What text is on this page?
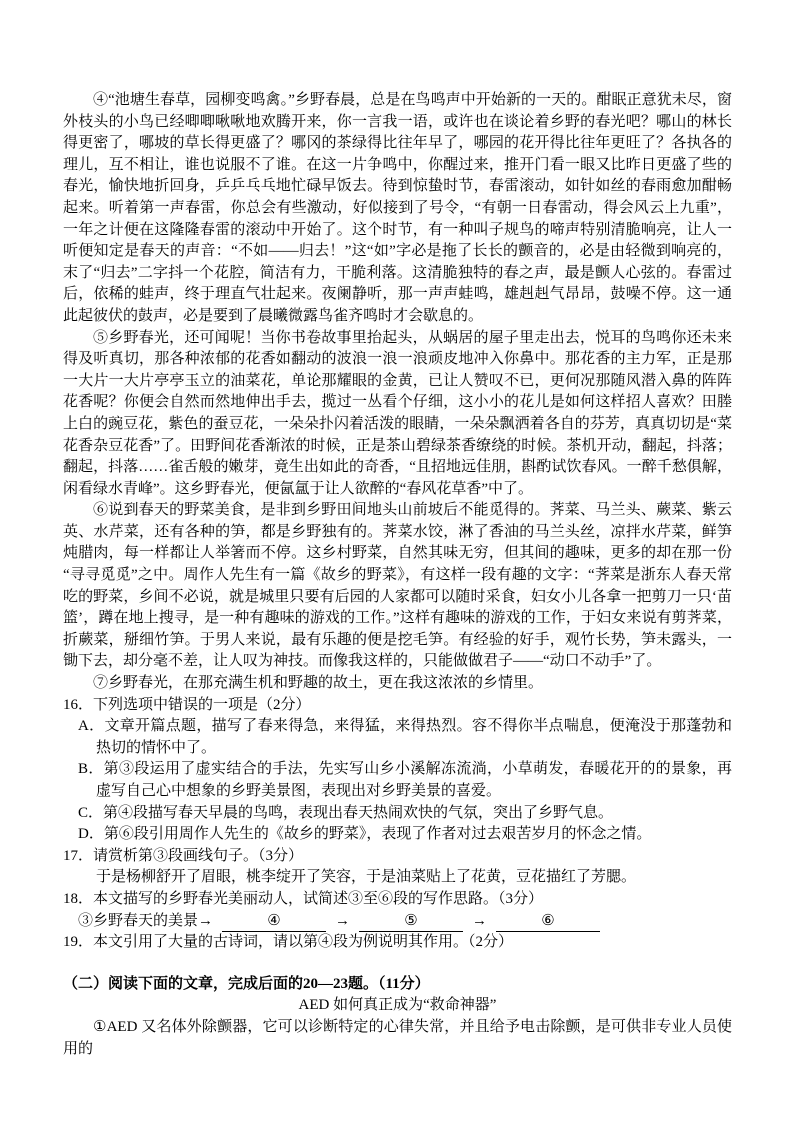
④“池塘生春草，园柳变鸣禽。”乡野春晨，总是在鸟鸣声中开始新的一天的。酣眠正意犹未尽，窗外枝头的小鸟已经唧唧啾啾地欢腾开来，你一言我一语，或许也在谈论着乡野的春光吧？哪山的林长得更密了，哪坡的草长得更盛了？哪冈的茶绿得比往年早了，哪园的花开得比往年更旺了？各执各的理儿，互不相让，谁也说服不了谁。在这一片争鸣中，你醒过来，推开门看一眼又比昨日更盛了些的春光，愉快地折回身，乒乒乓乓地忙碌早饭去。待到惊蛰时节，春雷滚动，如针如丝的春雨愈加酣畅起来。听着第一声春雷，你总会有些激动，好似接到了号令，“有朝一日春雷动，得会风云上九重”，一年之计便在这隆隆春雷的滚动中开始了。这个时节，有一种叫子规鸟的啼声特别清脆响亮，让人一听便知定是春天的声音：“不如——归去！”这“如”字必是拖了长长的颤音的，必是由轻微到响亮的，末了“归去”二字抖一个花腔，简洁有力，干脆利落。这清脆独特的春之声，最是颤人心弦的。春雷过后，依稀的蛙声，终于理直气壮起来。夜阑静听，那一声声蛙鸣，雄赳赳气昂昂，鼓噪不停。这一通此起彼伏的鼓声，必是要到了晨曦微露鸟雀齐鸣时才会歇息的。

⑤乡野春光，还可闻呢！当你书卷故事里抬起头，从蜗居的屋子里走出去，悦耳的鸟鸣你还未来得及听真切，那各种浓郁的花香如翻动的波浪一浪一浪顽皮地冲入你鼻中。那花香的主力军，正是那一大片一大片亭亭玉立的油菜花，单论那耀眼的金黄，已让人赞叹不已，更何况那随风潜入鼻的阵阵花香呢？你便会自然而然地伸出手去，揽过一丛看个仔细，这小小的花儿是如何这样招人喜欢？田塍上白的豌豆花，紫色的蚕豆花，一朵朵扑闪着活泼的眼睛，一朵朵飘洒着各自的芬芳，真真切切是“菜花香杂豆花香”了。田野间花香渐浓的时候，正是茶山碧绿茶香缭绕的时候。茶机开动，翻起，抖落；翻起，抖落……雀舌般的嫩芽，竟生出如此的奇香，“且招地远佳朋，斟酌试饮春风。一醉千愁俱解，闲看绿水青峰”。这乡野春光，便氤氲于让人欲醉的“春风花草香”中了。

⑥说到春天的野菜美食，是非到乡野田间地头山前坡后不能觅得的。荠菜、马兰头、蕨菜、紫云英、水芹菜，还有各种的笋，都是乡野独有的。荠菜水饺，淋了香油的马兰头丝，凉拌水芹菜，鲜笋炖腊肉，每一样都让人举箸而不停。这乡村野菜，自然其味无穷，但其间的趣味，更多的却在那一份“寻寻觅觅”之中。周作人先生有一篇《故乡的野菜》，有这样一段有趣的文字：“荠菜是浙东人春天常吃的野菜，乡间不必说，就是城里只要有后园的人家都可以随时采食，妇女小儿各拿一把剪刀一只‘苗篮’，蹲在地上搜寻，是一种有趣味的游戏的工作。”这样有趣味的游戏的工作，于妇女来说有剪荠菜，折蕨菜，掰细竹笋。于男人来说，最有乐趣的便是挖毛笋。有经验的好手，观竹长势，笋未露头，一锄下去，却分毫不差，让人叹为神技。而像我这样的，只能做做君子——“动口不动手”了。

⑦乡野春光，在那充满生机和野趣的故土，更在我这浓浓的乡情里。

16．下列选项中错误的一项是（2分）

A．文章开篇点题，描写了春来得急，来得猛，来得热烈。容不得你半点喘息，便淹没于那蓬勃和热切的情怀中了。

B．第③段运用了虚实结合的手法，先实写山乡小溪解冻流淌，小草萌发，春暖花开的的景象，再虚写自己心中想象的乡野美景图，表现出对乡野美景的喜爱。

C．第④段描写春天早晨的鸟鸣，表现出春天热闹欢快的气氛，突出了乡野气息。

D．第⑥段引用周作人先生的《故乡的野菜》，表现了作者对过去艰苦岁月的怀念之情。

17．请赏析第③段画线句子。（3分）

于是杨柳舒开了眉眼，桃李绽开了笑容，于是油菜贴上了花黄，豆花描红了芳腮。

18．本文描写的乡野春光美丽动人，试简述③至⑥段的写作思路。（3分）

③乡野春天的美景→	④	→	⑤	→	⑥

19．本文引用了大量的古诗词，请以第④段为例说明其作用。（2分）

（二）阅读下面的文章，完成后面的20—23题。（11分）

AED 如何真正成为“救命神器”

①AED 又名体外除颤器，它可以诊断特定的心律失常，并且给予电击除颤，是可供非专业人员使用的
